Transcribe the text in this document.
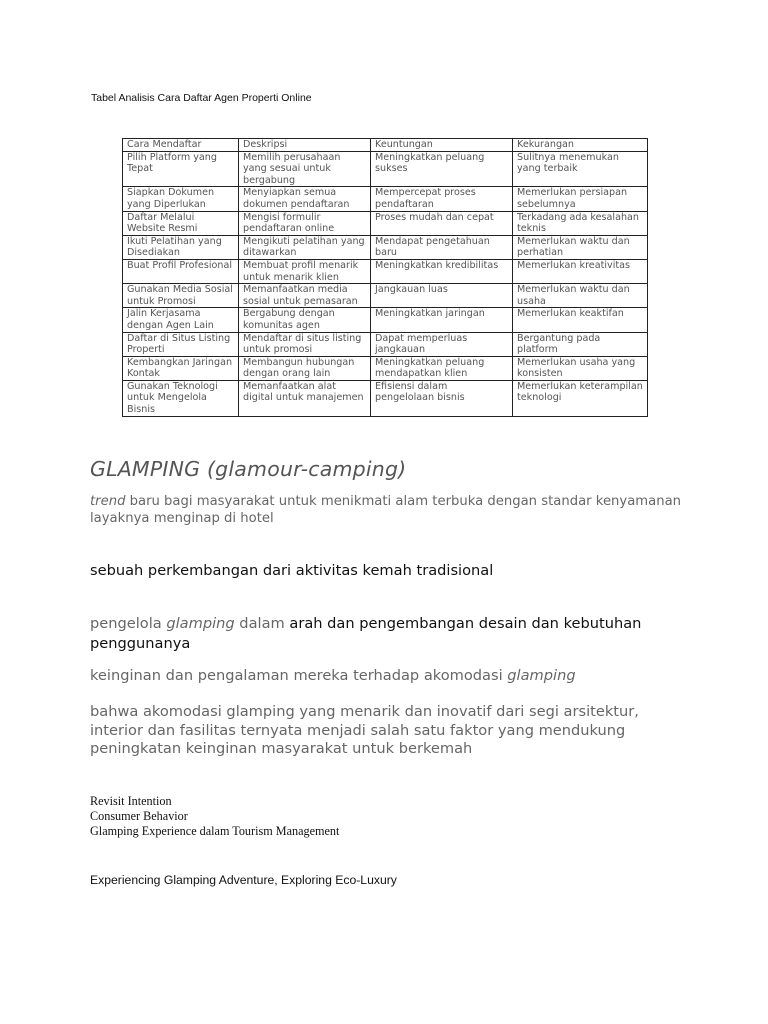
Tabel Analisis Cara Daftar Agen Properti Online
Cara Mendaftar	Deskripsi	Keuntungan	Kekurangan
Pilih Platform yang Tepat	Memilih perusahaan yang sesuai untuk bergabung	Meningkatkan peluang sukses	Sulitnya menemukan yang terbaik
Siapkan Dokumen yang Diperlukan	Menyiapkan semua dokumen pendaftaran	Mempercepat proses pendaftaran	Memerlukan persiapan sebelumnya
Daftar Melalui Website Resmi	Mengisi formulir pendaftaran online	Proses mudah dan cepat	Terkadang ada kesalahan teknis
Ikuti Pelatihan yang Disediakan	Mengikuti pelatihan yang ditawarkan	Mendapat pengetahuan baru	Memerlukan waktu dan perhatian
Buat Profil Profesional	Membuat profil menarik untuk menarik klien	Meningkatkan kredibilitas	Memerlukan kreativitas
Gunakan Media Sosial untuk Promosi	Memanfaatkan media sosial untuk pemasaran	Jangkauan luas	Memerlukan waktu dan usaha
Jalin Kerjasama dengan Agen Lain	Bergabung dengan komunitas agen	Meningkatkan jaringan	Memerlukan keaktifan
Daftar di Situs Listing Properti	Mendaftar di situs listing untuk promosi	Dapat memperluas jangkauan	Bergantung pada platform
Kembangkan Jaringan Kontak	Membangun hubungan dengan orang lain	Meningkatkan peluang mendapatkan klien	Memerlukan usaha yang konsisten
Gunakan Teknologi untuk Mengelola Bisnis	Memanfaatkan alat digital untuk manajemen	Efisiensi dalam pengelolaan bisnis	Memerlukan keterampilan teknologi
GLAMPING (glamour-camping)
trend baru bagi masyarakat untuk menikmati alam terbuka dengan standar kenyamanan layaknya menginap di hotel
sebuah perkembangan dari aktivitas kemah tradisional
pengelola glamping dalam arah dan pengembangan desain dan kebutuhan penggunanya
keinginan dan pengalaman mereka terhadap akomodasi glamping
bahwa akomodasi glamping yang menarik dan inovatif dari segi arsitektur, interior dan fasilitas ternyata menjadi salah satu faktor yang mendukung peningkatan keinginan masyarakat untuk berkemah
Revisit Intention
Consumer Behavior
Glamping Experience dalam Tourism Management
Experiencing Glamping Adventure, Exploring Eco-Luxury
